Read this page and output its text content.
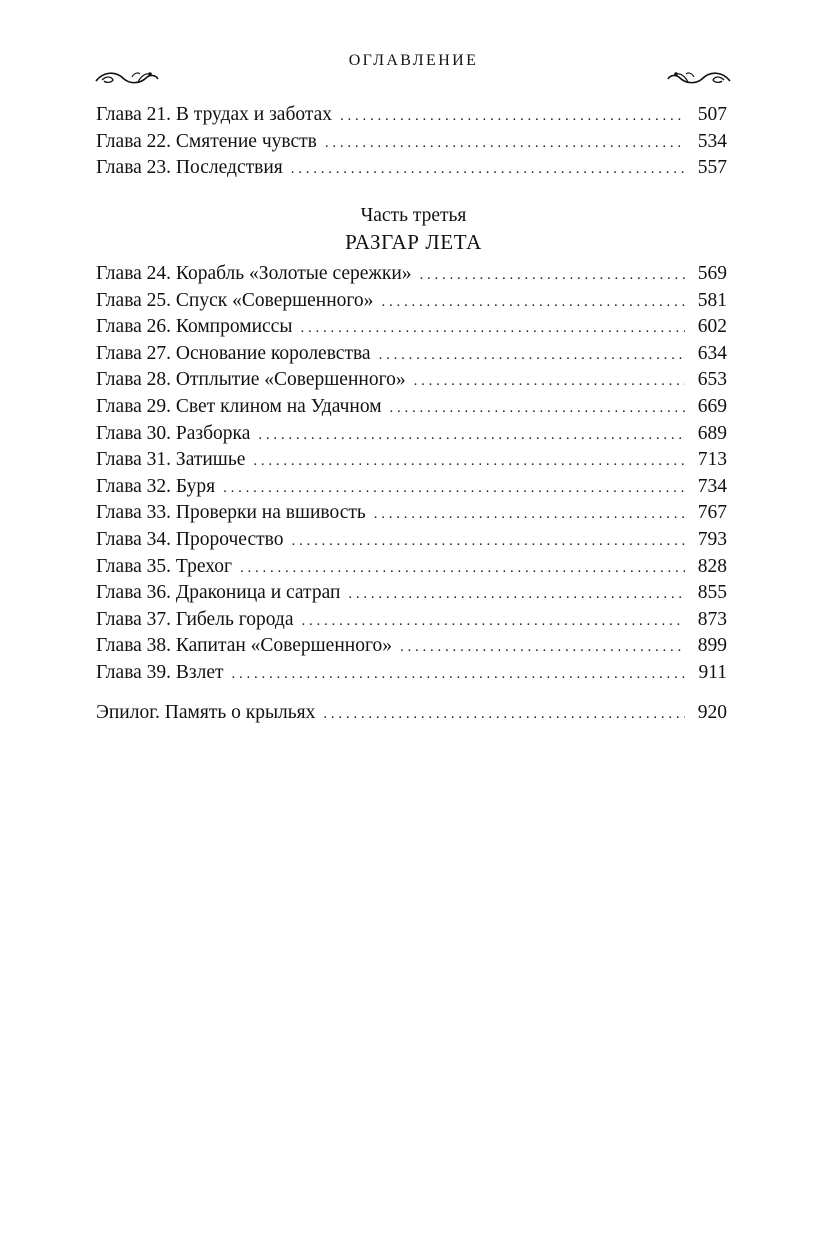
ОГЛАВЛЕНИЕ
Глава 21. В трудах и заботах . . .	507
Глава 22. Смятение чувств . . .	534
Глава 23. Последствия . . .	557
Часть третья
РАЗГАР ЛЕТА
Глава 24. Корабль «Золотые сережки» . . .	569
Глава 25. Спуск «Совершенного» . . .	581
Глава 26. Компромиссы . . .	602
Глава 27. Основание королевства . . .	634
Глава 28. Отплытие «Совершенного» . . .	653
Глава 29. Свет клином на Удачном . . .	669
Глава 30. Разборка . . .	689
Глава 31. Затишье . . .	713
Глава 32. Буря . . .	734
Глава 33. Проверки на вшивость . . .	767
Глава 34. Пророчество . . .	793
Глава 35. Трехог . . .	828
Глава 36. Драконица и сатрап . . .	855
Глава 37. Гибель города . . .	873
Глава 38. Капитан «Совершенного» . . .	899
Глава 39. Взлет . . .	911
Эпилог. Память о крыльях . . .	920
